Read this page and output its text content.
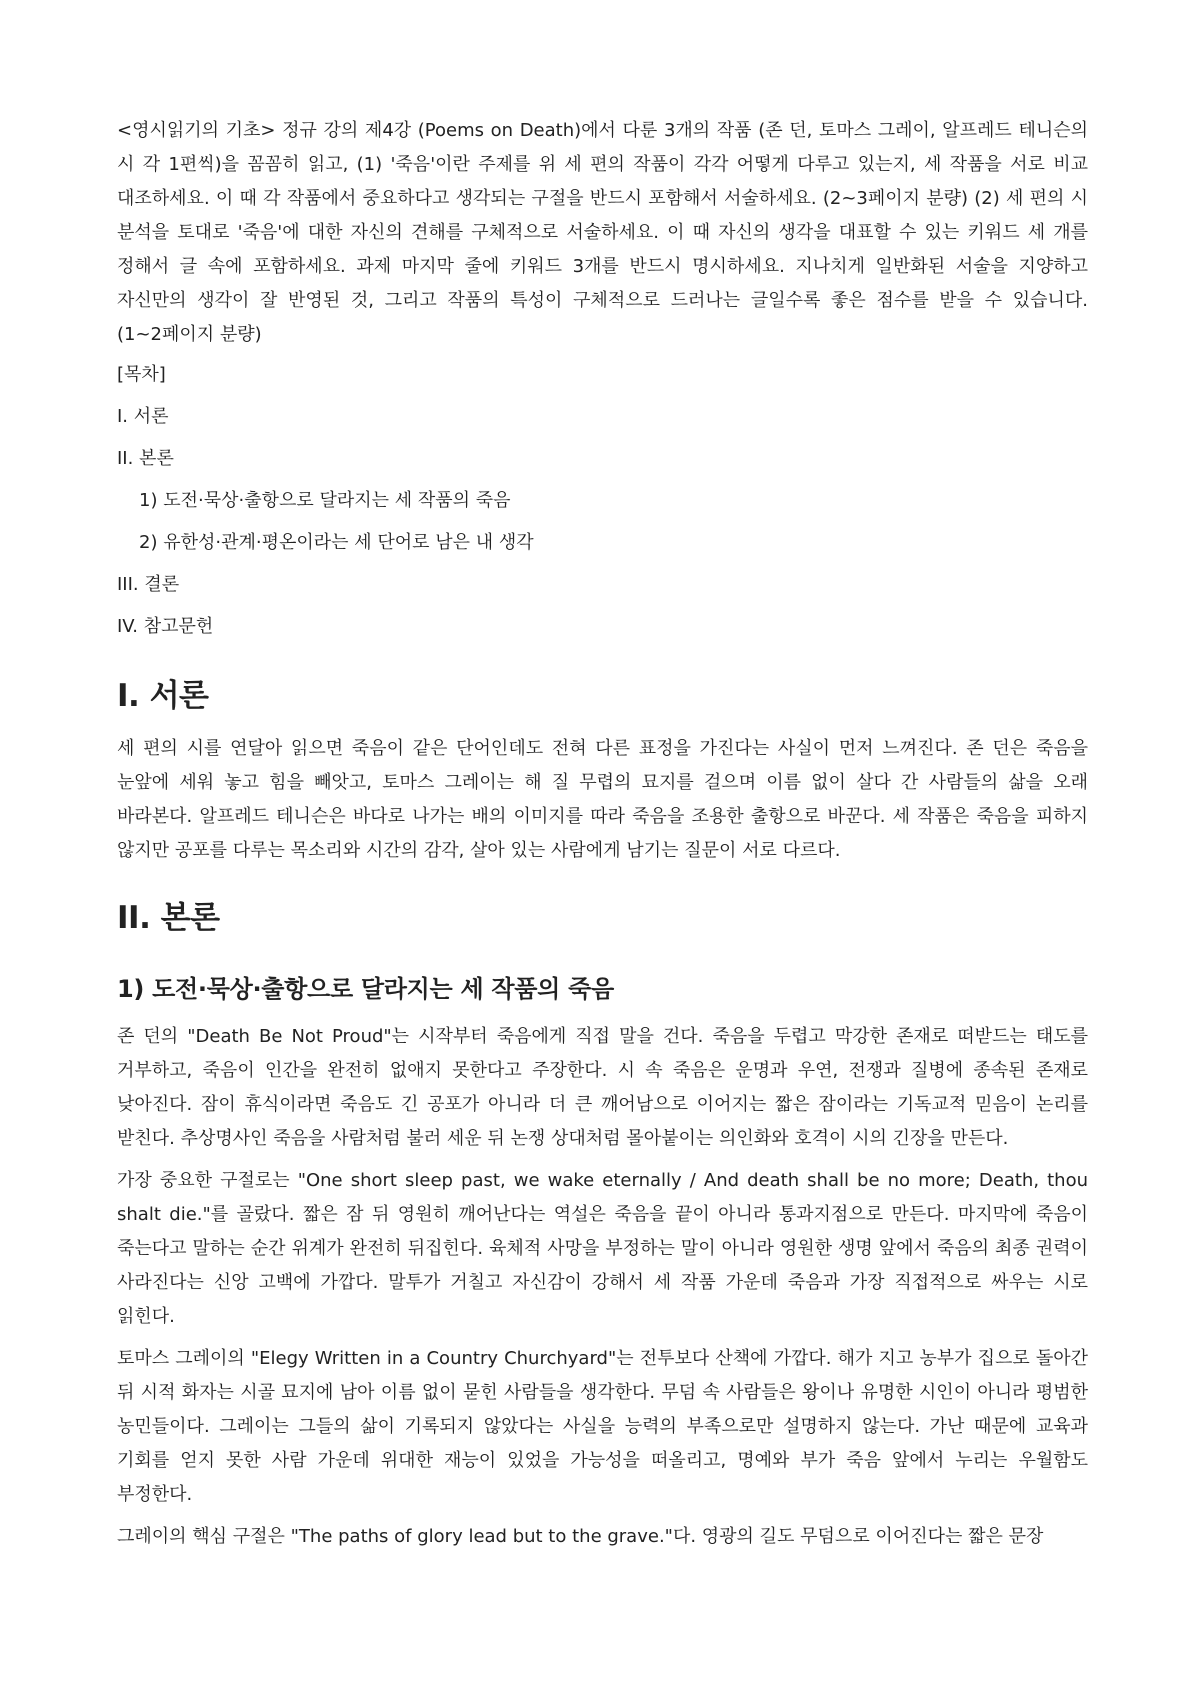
<영시읽기의 기초> 정규 강의 제4강 (Poems on Death)에서 다룬 3개의 작품 (존 던, 토마스 그레이, 알프레드 테니슨의 시 각 1편씩)을 꼼꼼히 읽고, (1) '죽음'이란 주제를 위 세 편의 작품이 각각 어떻게 다루고 있는지, 세 작품을 서로 비교 대조하세요. 이 때 각 작품에서 중요하다고 생각되는 구절을 반드시 포함해서 서술하세요. (2~3페이지 분량) (2) 세 편의 시 분석을 토대로 '죽음'에 대한 자신의 견해를 구체적으로 서술하세요. 이 때 자신의 생각을 대표할 수 있는 키워드 세 개를 정해서 글 속에 포함하세요. 과제 마지막 줄에 키워드 3개를 반드시 명시하세요. 지나치게 일반화된 서술을 지양하고 자신만의 생각이 잘 반영된 것, 그리고 작품의 특성이 구체적으로 드러나는 글일수록 좋은 점수를 받을 수 있습니다. (1~2페이지 분량)

[목차]
I. 서론
II. 본론
1) 도전·묵상·출항으로 달라지는 세 작품의 죽음
2) 유한성·관계·평온이라는 세 단어로 남은 내 생각
III. 결론
IV. 참고문헌
I. 서론

세 편의 시를 연달아 읽으면 죽음이 같은 단어인데도 전혀 다른 표정을 가진다는 사실이 먼저 느껴진다. 존 던은 죽음을 눈앞에 세워 놓고 힘을 빼앗고, 토마스 그레이는 해 질 무렵의 묘지를 걸으며 이름 없이 살다 간 사람들의 삶을 오래 바라본다. 알프레드 테니슨은 바다로 나가는 배의 이미지를 따라 죽음을 조용한 출항으로 바꾼다. 세 작품은 죽음을 피하지 않지만 공포를 다루는 목소리와 시간의 감각, 살아 있는 사람에게 남기는 질문이 서로 다르다.

II. 본론
1) 도전·묵상·출항으로 달라지는 세 작품의 죽음

존 던의 "Death Be Not Proud"는 시작부터 죽음에게 직접 말을 건다. 죽음을 두렵고 막강한 존재로 떠받드는 태도를 거부하고, 죽음이 인간을 완전히 없애지 못한다고 주장한다. 시 속 죽음은 운명과 우연, 전쟁과 질병에 종속된 존재로 낮아진다. 잠이 휴식이라면 죽음도 긴 공포가 아니라 더 큰 깨어남으로 이어지는 짧은 잠이라는 기독교적 믿음이 논리를 받친다. 추상명사인 죽음을 사람처럼 불러 세운 뒤 논쟁 상대처럼 몰아붙이는 의인화와 호격이 시의 긴장을 만든다.

가장 중요한 구절로는 "One short sleep past, we wake eternally / And death shall be no more; Death, thou shalt die."를 골랐다. 짧은 잠 뒤 영원히 깨어난다는 역설은 죽음을 끝이 아니라 통과지점으로 만든다. 마지막에 죽음이 죽는다고 말하는 순간 위계가 완전히 뒤집힌다. 육체적 사망을 부정하는 말이 아니라 영원한 생명 앞에서 죽음의 최종 권력이 사라진다는 신앙 고백에 가깝다. 말투가 거칠고 자신감이 강해서 세 작품 가운데 죽음과 가장 직접적으로 싸우는 시로 읽힌다.

토마스 그레이의 "Elegy Written in a Country Churchyard"는 전투보다 산책에 가깝다. 해가 지고 농부가 집으로 돌아간 뒤 시적 화자는 시골 묘지에 남아 이름 없이 묻힌 사람들을 생각한다. 무덤 속 사람들은 왕이나 유명한 시인이 아니라 평범한 농민들이다. 그레이는 그들의 삶이 기록되지 않았다는 사실을 능력의 부족으로만 설명하지 않는다. 가난 때문에 교육과 기회를 얻지 못한 사람 가운데 위대한 재능이 있었을 가능성을 떠올리고, 명예와 부가 죽음 앞에서 누리는 우월함도 부정한다.

그레이의 핵심 구절은 "The paths of glory lead but to the grave."다. 영광의 길도 무덤으로 이어진다는 짧은 문장
